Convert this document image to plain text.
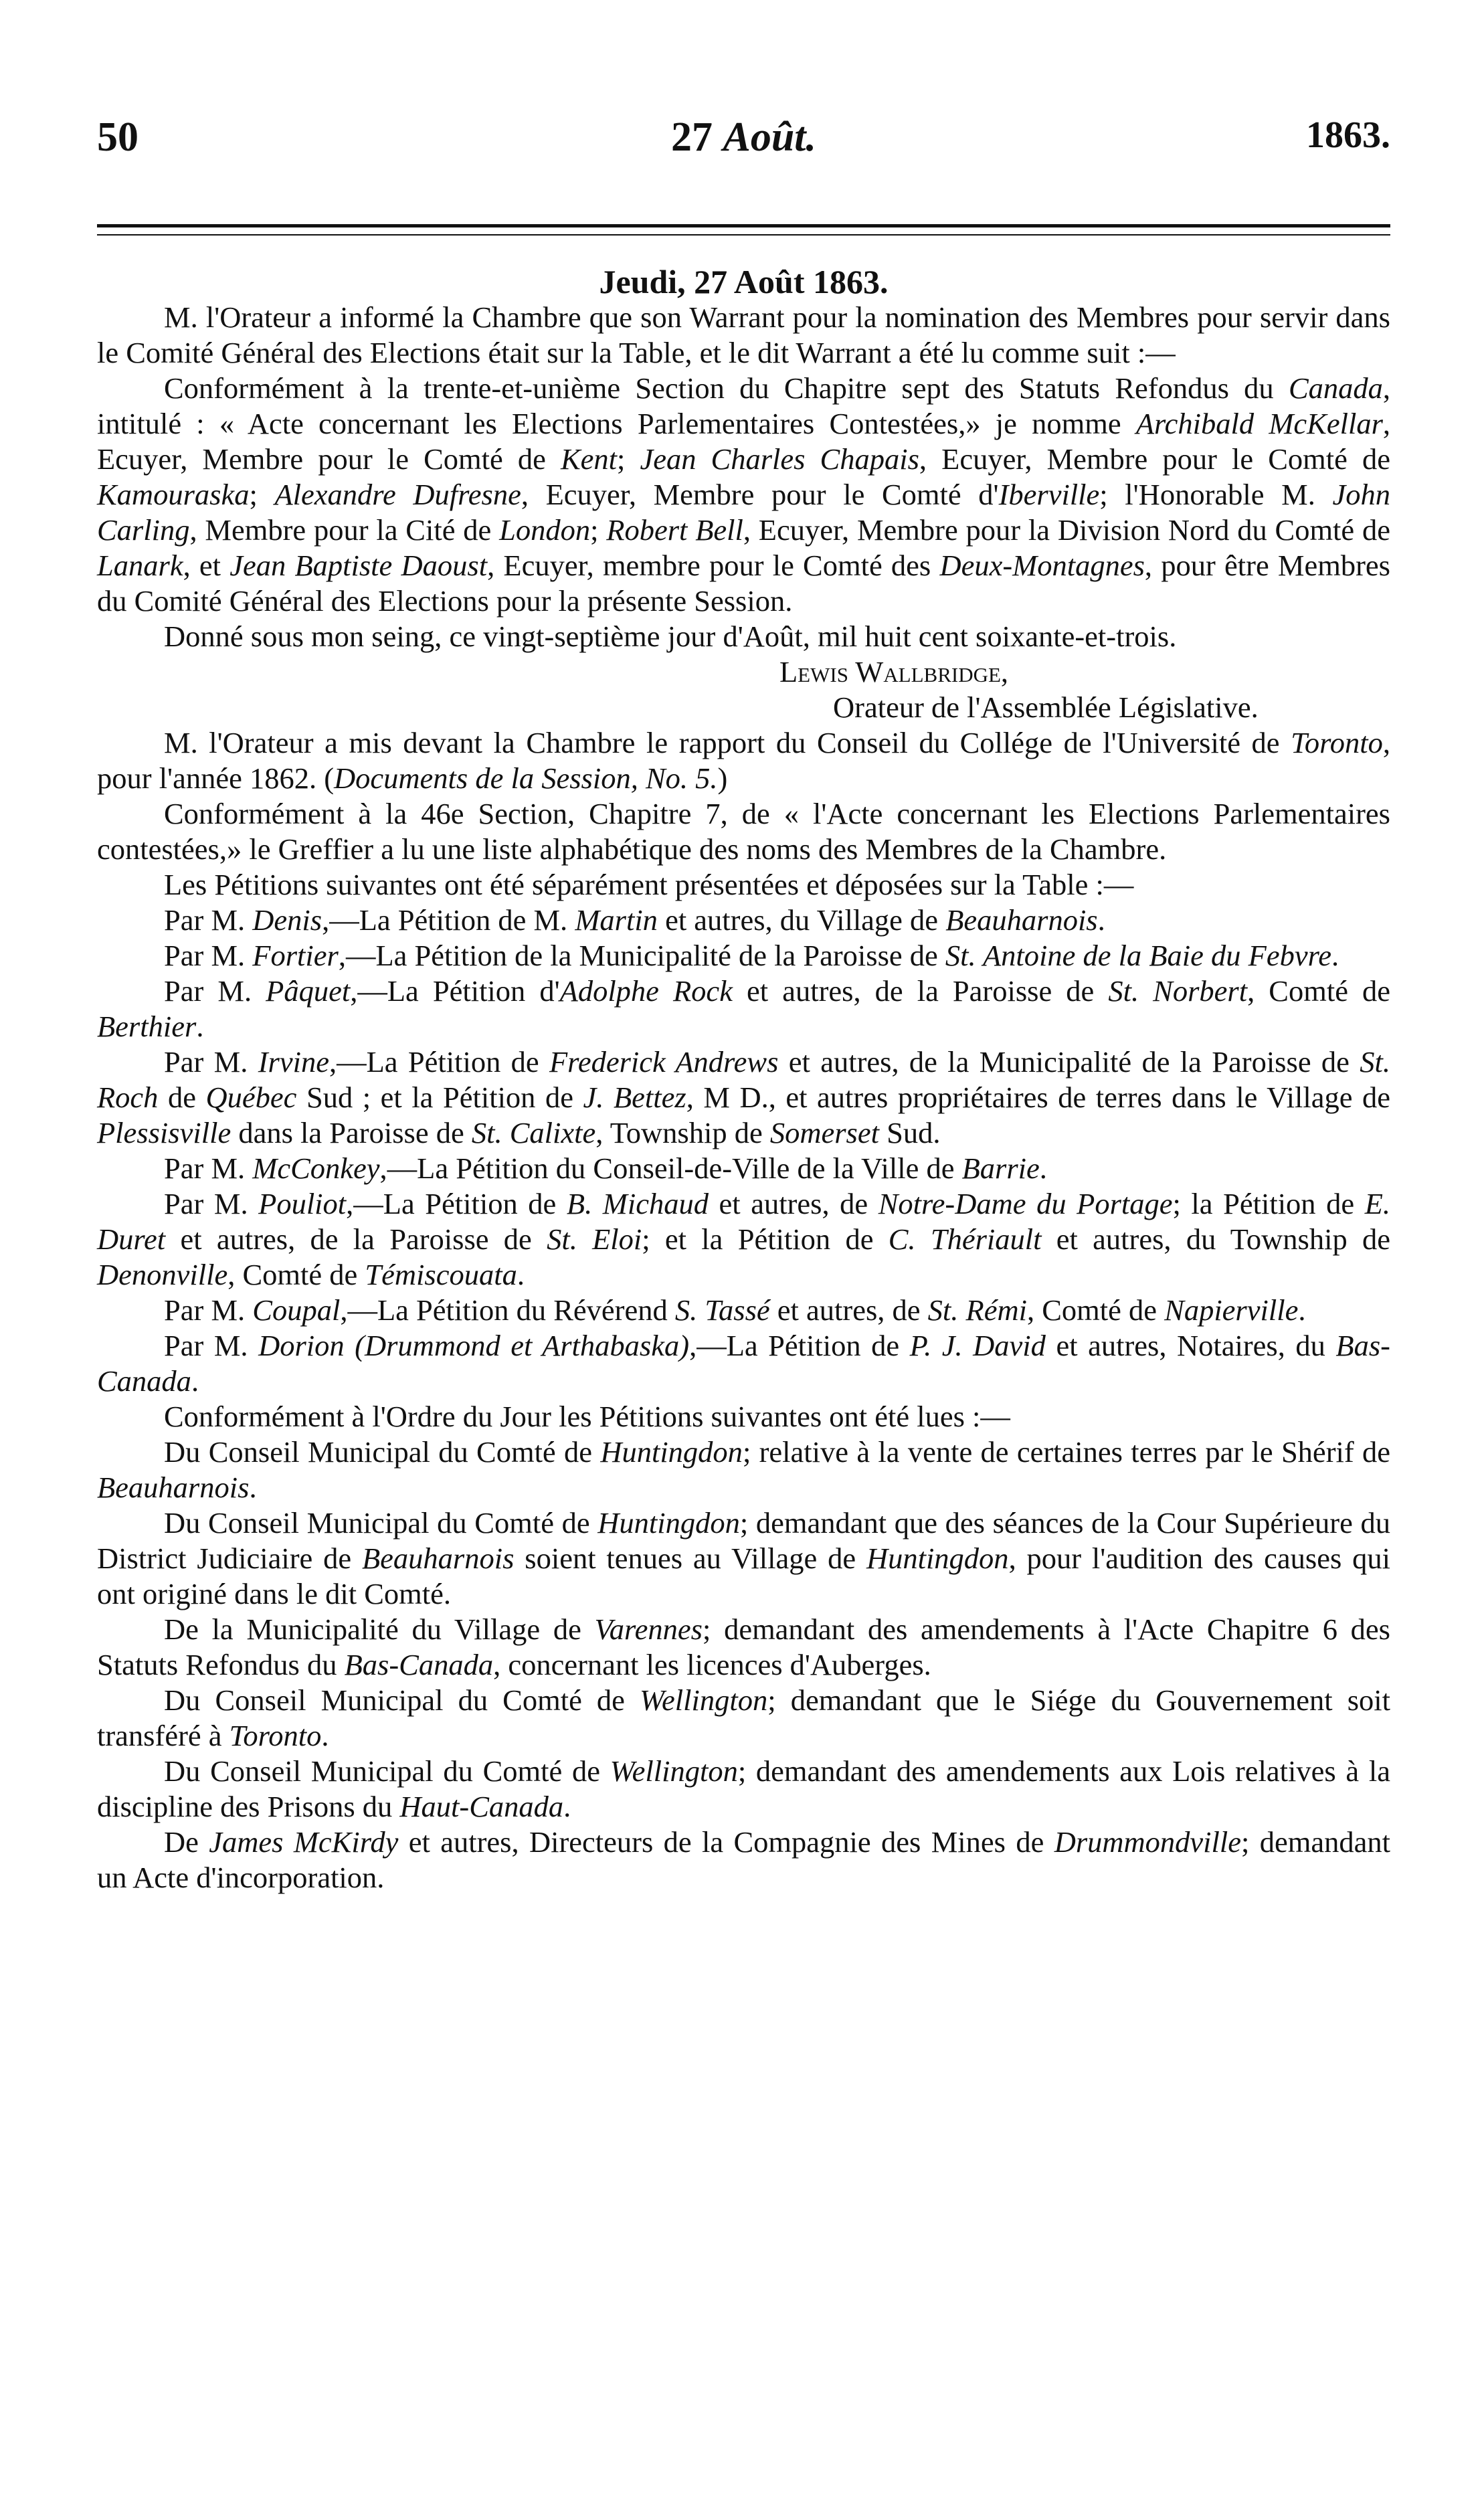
50	27 Août.	1863.

Jeudi, 27 Août 1863.

M. l'Orateur a informé la Chambre que son Warrant pour la nomination des Membres pour servir dans le Comité Général des Elections était sur la Table, et le dit Warrant a été lu comme suit :—

Conformément à la trente-et-unième Section du Chapitre sept des Statuts Refondus du Canada, intitulé : « Acte concernant les Elections Parlementaires Contestées,» je nomme Archibald McKellar, Ecuyer, Membre pour le Comté de Kent; Jean Charles Chapais, Ecuyer, Membre pour le Comté de Kamouraska; Alexandre Dufresne, Ecuyer, Membre pour le Comté d'Iberville; l'Honorable M. John Carling, Membre pour la Cité de London; Robert Bell, Ecuyer, Membre pour la Division Nord du Comté de Lanark, et Jean Baptiste Daoust, Ecuyer, membre pour le Comté des Deux-Montagnes, pour être Membres du Comité Général des Elections pour la présente Session.

Donné sous mon seing, ce vingt-septième jour d'Août, mil huit cent soixante-et-trois.

Lewis Wallbridge,

Orateur de l'Assemblée Législative.

M. l'Orateur a mis devant la Chambre le rapport du Conseil du Collége de l'Université de Toronto, pour l'année 1862. (Documents de la Session, No. 5.)

Conformément à la 46e Section, Chapitre 7, de « l'Acte concernant les Elections Parlementaires contestées,» le Greffier a lu une liste alphabétique des noms des Membres de la Chambre.

Les Pétitions suivantes ont été séparément présentées et déposées sur la Table :—

Par M. Denis,—La Pétition de M. Martin et autres, du Village de Beauharnois.

Par M. Fortier,—La Pétition de la Municipalité de la Paroisse de St. Antoine de la Baie du Febvre.

Par M. Pâquet,—La Pétition d'Adolphe Rock et autres, de la Paroisse de St. Norbert, Comté de Berthier.

Par M. Irvine,—La Pétition de Frederick Andrews et autres, de la Municipalité de la Paroisse de St. Roch de Québec Sud ; et la Pétition de J. Bettez, M D., et autres propriétaires de terres dans le Village de Plessisville dans la Paroisse de St. Calixte, Township de Somerset Sud.

Par M. McConkey,—La Pétition du Conseil-de-Ville de la Ville de Barrie.

Par M. Pouliot,—La Pétition de B. Michaud et autres, de Notre-Dame du Portage; la Pétition de E. Duret et autres, de la Paroisse de St. Eloi; et la Pétition de C. Thériault et autres, du Township de Denonville, Comté de Témiscouata.

Par M. Coupal,—La Pétition du Révérend S. Tassé et autres, de St. Rémi, Comté de Napierville.

Par M. Dorion (Drummond et Arthabaska),—La Pétition de P. J. David et autres, Notaires, du Bas-Canada.

Conformément à l'Ordre du Jour les Pétitions suivantes ont été lues :—

Du Conseil Municipal du Comté de Huntingdon; relative à la vente de certaines terres par le Shérif de Beauharnois.

Du Conseil Municipal du Comté de Huntingdon; demandant que des séances de la Cour Supérieure du District Judiciaire de Beauharnois soient tenues au Village de Huntingdon, pour l'audition des causes qui ont originé dans le dit Comté.

De la Municipalité du Village de Varennes; demandant des amendements à l'Acte Chapitre 6 des Statuts Refondus du Bas-Canada, concernant les licences d'Auberges.

Du Conseil Municipal du Comté de Wellington; demandant que le Siége du Gouvernement soit transféré à Toronto.

Du Conseil Municipal du Comté de Wellington; demandant des amendements aux Lois relatives à la discipline des Prisons du Haut-Canada.

De James McKirdy et autres, Directeurs de la Compagnie des Mines de Drummondville; demandant un Acte d'incorporation.
